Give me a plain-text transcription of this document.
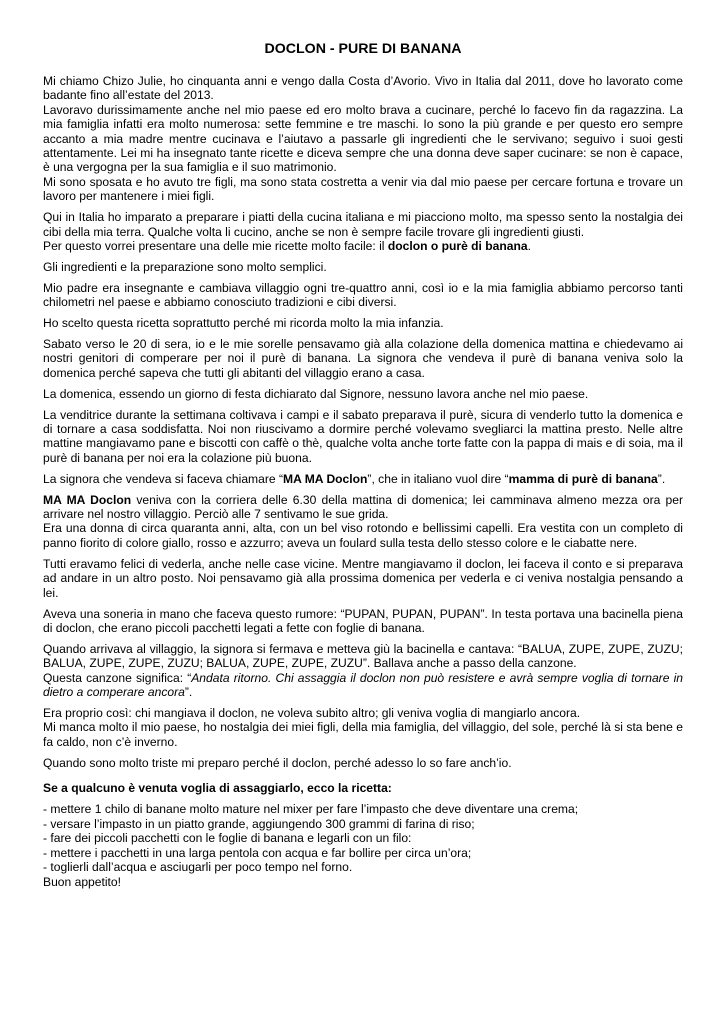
DOCLON - PURE DI BANANA

Mi chiamo Chizo Julie, ho cinquanta anni e vengo dalla Costa d’Avorio. Vivo in Italia dal 2011, dove ho lavorato come badante fino all’estate del 2013.

Lavoravo durissimamente anche nel mio paese ed ero molto brava a cucinare, perché lo facevo fin da ragazzina. La mia famiglia infatti era molto numerosa: sette femmine e tre maschi. Io sono la più grande e per questo ero sempre accanto a mia madre mentre cucinava e l’aiutavo a passarle gli ingredienti che le servivano; seguivo i suoi gesti attentamente. Lei mi ha insegnato tante ricette e diceva sempre che una donna deve saper cucinare: se non è capace, è una vergogna per la sua famiglia e il suo matrimonio.

Mi sono sposata e ho avuto tre figli, ma sono stata costretta a venir via dal mio paese per cercare fortuna e trovare un lavoro per mantenere i miei figli.

Qui in Italia ho imparato a preparare i piatti della cucina italiana e mi piacciono molto, ma spesso sento la nostalgia dei cibi della mia terra. Qualche volta li cucino, anche se non è sempre facile trovare gli ingredienti giusti.

Per questo vorrei presentare una delle mie ricette molto facile: il doclon o purè di banana.

Gli ingredienti e la preparazione sono molto semplici.

Mio padre era insegnante e cambiava villaggio ogni tre-quattro anni, così io e la mia famiglia abbiamo percorso tanti chilometri nel paese e abbiamo conosciuto tradizioni e cibi diversi.

Ho scelto questa ricetta soprattutto perché mi ricorda molto la mia infanzia.

Sabato verso le 20 di sera, io e le mie sorelle pensavamo già alla colazione della domenica mattina e chiedevamo ai nostri genitori di comperare per noi il purè di banana. La signora che vendeva il purè di banana veniva solo la domenica perché sapeva che tutti gli abitanti del villaggio erano a casa.

La domenica, essendo un giorno di festa dichiarato dal Signore, nessuno lavora anche nel mio paese.

La venditrice durante la settimana coltivava i campi e il sabato preparava il purè, sicura di venderlo tutto la domenica e di tornare a casa soddisfatta. Noi non riuscivamo a dormire perché volevamo svegliarci la mattina presto. Nelle altre mattine mangiavamo pane e biscotti con caffè o thè, qualche volta anche torte fatte con la pappa di mais e di soia, ma il purè di banana per noi era la colazione più buona.

La signora che vendeva si faceva chiamare “MA MA Doclon”, che in italiano vuol dire “mamma di purè di banana”.

MA MA Doclon veniva con la corriera delle 6.30 della mattina di domenica; lei camminava almeno mezza ora per arrivare nel nostro villaggio. Perciò alle 7 sentivamo le sue grida.

Era una donna di circa quaranta anni, alta, con un bel viso rotondo e bellissimi capelli. Era vestita con un completo di panno fiorito di colore giallo, rosso e azzurro; aveva un foulard sulla testa dello stesso colore e le ciabatte nere.

Tutti eravamo felici di vederla, anche nelle case vicine. Mentre mangiavamo il doclon, lei faceva il conto e si preparava ad andare in un altro posto. Noi pensavamo già alla prossima domenica per vederla e ci veniva nostalgia pensando a lei.

Aveva una soneria in mano che faceva questo rumore: “PUPAN, PUPAN, PUPAN”. In testa portava una bacinella piena di doclon, che erano piccoli pacchetti legati a fette con foglie di banana.

Quando arrivava al villaggio, la signora si fermava e metteva giù la bacinella e cantava: “BALUA, ZUPE, ZUPE, ZUZU; BALUA, ZUPE, ZUPE, ZUZU; BALUA, ZUPE, ZUPE, ZUZU”. Ballava anche a passo della canzone.

Questa canzone significa: “Andata ritorno. Chi assaggia il doclon non può resistere e avrà sempre voglia di tornare in dietro a comperare ancora”.

Era proprio così: chi mangiava il doclon, ne voleva subito altro; gli veniva voglia di mangiarlo ancora.

Mi manca molto il mio paese, ho nostalgia dei miei figli, della mia famiglia, del villaggio, del sole, perché là si sta bene e fa caldo, non c’è inverno.

Quando sono molto triste mi preparo perché il doclon, perché adesso lo so fare anch’io.

Se a qualcuno è venuta voglia di assaggiarlo, ecco la ricetta:

- mettere 1 chilo di banane molto mature nel mixer per fare l’impasto che deve diventare una crema;
- versare l’impasto in un piatto grande, aggiungendo 300 grammi di farina di riso;
- fare dei piccoli pacchetti con le foglie di banana e legarli con un filo:
- mettere i pacchetti in una larga pentola con acqua e far bollire per circa un’ora;
- toglierli dall’acqua e asciugarli per poco tempo nel forno.
Buon appetito!
